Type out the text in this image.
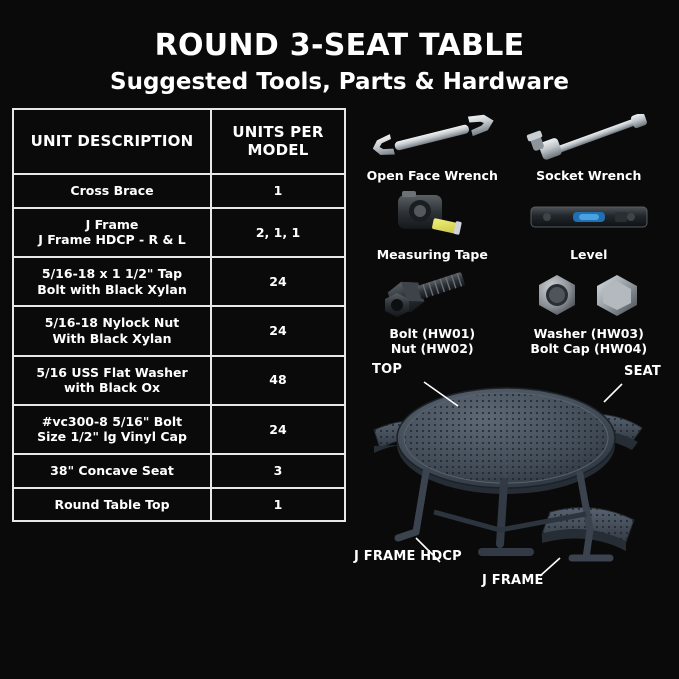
ROUND 3-SEAT TABLE
Suggested Tools, Parts & Hardware
UNIT DESCRIPTION	UNITS PER
MODEL
Cross Brace	1
J Frame
J Frame HDCP - R & L	2, 1, 1
5/16-18 x 1 1/2" Tap
Bolt with Black Xylan	24
5/16-18 Nylock Nut
With Black Xylan	24
5/16 USS Flat Washer
with Black Ox	48
#vc300-8 5/16" Bolt
Size 1/2" lg Vinyl Cap	24
38" Concave Seat	3
Round Table Top	1
Open Face Wrench	Socket Wrench
Measuring Tape	Level
Bolt (HW01)
Nut (HW02)
Washer (HW03)
Bolt Cap (HW04)
TOP	SEAT
J FRAME HDCP
J FRAME
